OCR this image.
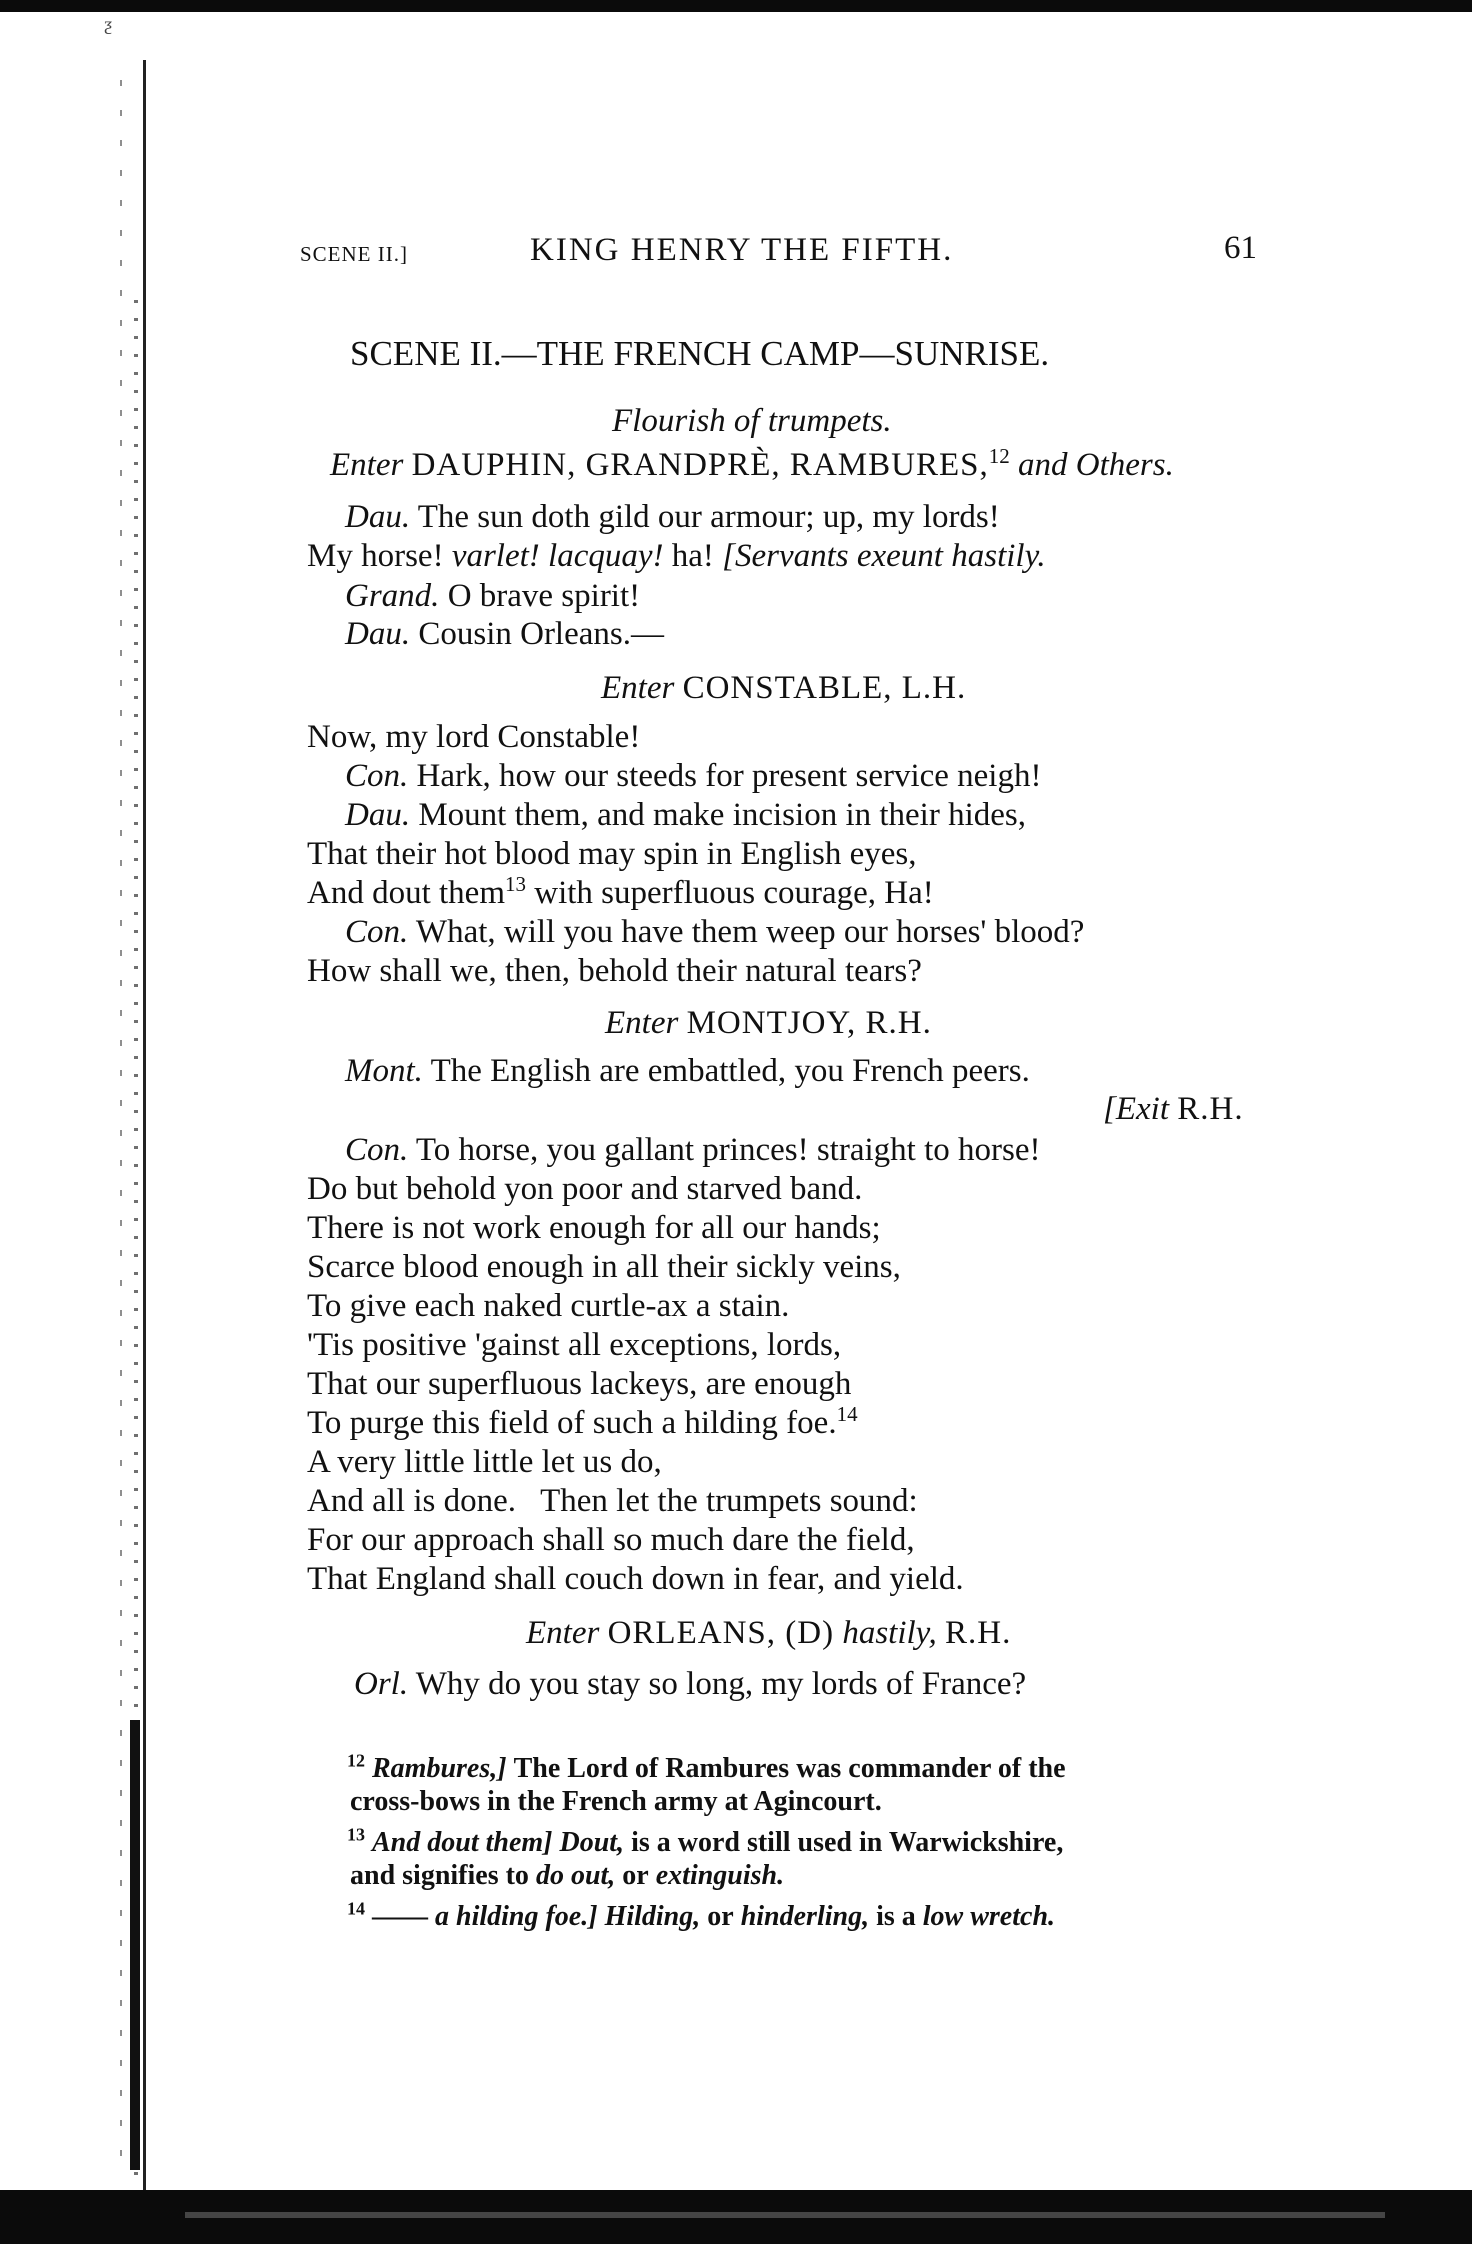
ƺ
SCENE II.]	KING HENRY THE FIFTH.	61
SCENE II.—THE FRENCH CAMP—SUNRISE.
Flourish of trumpets.
Enter DAUPHIN, GRANDPRÈ, RAMBURES,$^{12}$ and Others.
Dau. The sun doth gild our armour; up, my lords!
My horse! varlet! lacquay! ha! [Servants exeunt hastily.
Grand. O brave spirit!
Dau. Cousin Orleans.—
Enter CONSTABLE, L.H.
Now, my lord Constable!
Con. Hark, how our steeds for present service neigh!
Dau. Mount them, and make incision in their hides,
That their hot blood may spin in English eyes,
And dout them$^{13}$ with superfluous courage, Ha!
Con. What, will you have them weep our horses' blood?
How shall we, then, behold their natural tears?
Enter MONTJOY, R.H.
Mont. The English are embattled, you French peers.
[Exit R.H.
Con. To horse, you gallant princes! straight to horse!
Do but behold yon poor and starved band.
There is not work enough for all our hands;
Scarce blood enough in all their sickly veins,
To give each naked curtle-ax a stain.
'Tis positive 'gainst all exceptions, lords,
That our superfluous lackeys, are enough
To purge this field of such a hilding foe.$^{14}$
A very little little let us do,
And all is done.   Then let the trumpets sound:
For our approach shall so much dare the field,
That England shall couch down in fear, and yield.
Enter ORLEANS, (D) hastily, R.H.
Orl. Why do you stay so long, my lords of France?
$^{12}$ Rambures,] The Lord of Rambures was commander of the
cross-bows in the French army at Agincourt.
$^{13}$ And dout them] Dout, is a word still used in Warwickshire,
and signifies to do out, or extinguish.
$^{14}$ —— a hilding foe.] Hilding, or hinderling, is a low wretch.
